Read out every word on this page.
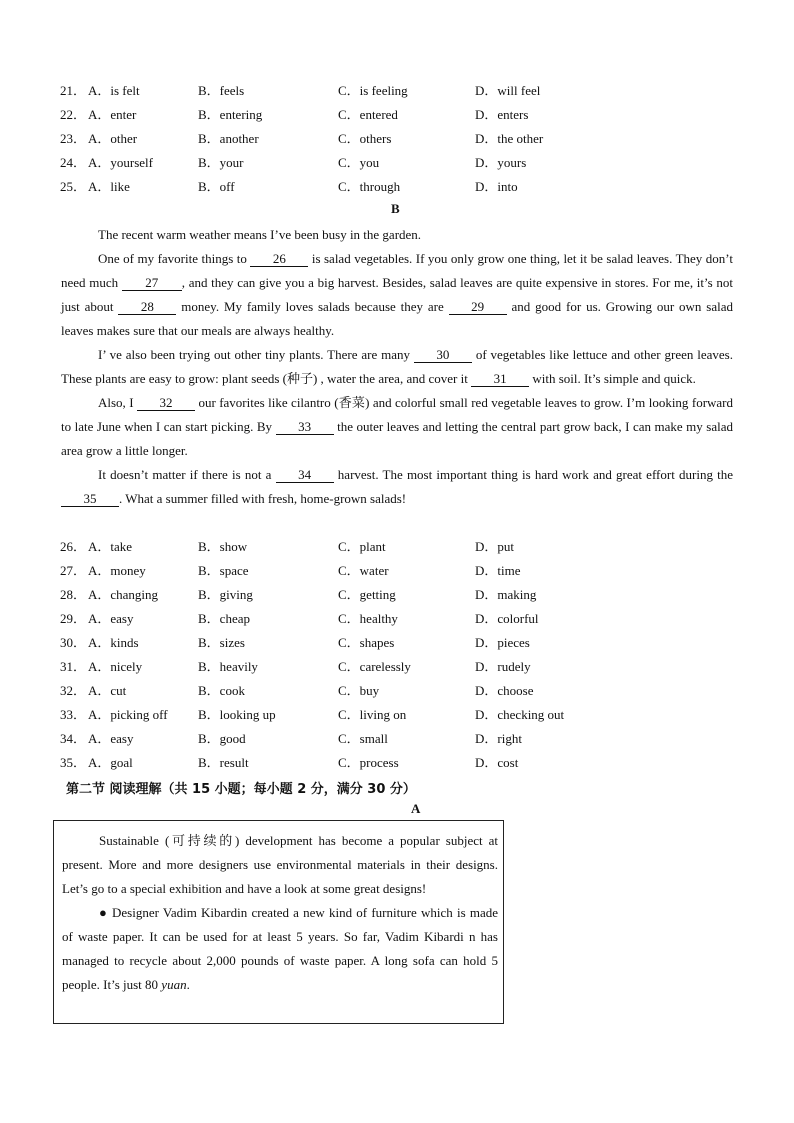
21． A．is felt	B．feels	C．is feeling	D．will feel
22． A．enter	B．entering	C．entered	D．enters
23． A．other	B．another	C．others	D．the other
24． A．yourself	B．your	C．you	D．yours
25． A．like	B．off	C．through	D．into
B

The recent warm weather means I’ve been busy in the garden.

One of my favorite things to 26 is salad vegetables. If you only grow one thing, let it be salad leaves. They don’t need much 27 , and they can give you a big harvest. Besides, salad leaves are quite expensive in stores. For me, it’s not just about 28 money. My family loves salads because they are 29 and good for us. Growing our own salad leaves makes sure that our meals are always healthy.

I’ ve also been trying out other tiny plants. There are many 30 of vegetables like lettuce and other green leaves. These plants are easy to grow: plant seeds (种子) , water the area, and cover it 31 with soil. It’s simple and quick.

Also, I 32 our favorites like cilantro (香菜) and colorful small red vegetable leaves to grow. I’m looking forward to late June when I can start picking. By 33 the outer leaves and letting the central part grow back, I can make my salad area grow a little longer.

It doesn’t matter if there is not a 34 harvest. The most important thing is hard work and great effort during the 35 . What a summer filled with fresh, home-grown salads!

26． A．take	B．show	C．plant	D．put
27． A．money	B．space	C．water	D．time
28． A．changing	B．giving	C．getting	D．making
29． A．easy	B．cheap	C．healthy	D．colorful
30． A．kinds	B．sizes	C．shapes	D．pieces
31． A．nicely	B．heavily	C．carelessly	D．rudely
32． A．cut	B．cook	C．buy	D．choose
33． A．picking off B．looking up	C．living on	D．checking out
34． A．easy	B．good	C．small	D．right
35． A．goal	B．result	C．process	D．cost
第二节 阅读理解（共 15 小题；每小题 2 分，满分 30 分）
A

Sustainable (可持续的) development has become a popular subject at present. More and more designers use environmental materials in their designs. Let’s go to a special exhibition and have a look at some great designs!

● Designer Vadim Kibardin created a new kind of furniture which is made of waste paper. It can be used for at least 5 years. So far, Vadim Kibardi n has managed to recycle about 2,000 pounds of waste paper. A long sofa can hold 5 people. It’s just 80 yuan.
